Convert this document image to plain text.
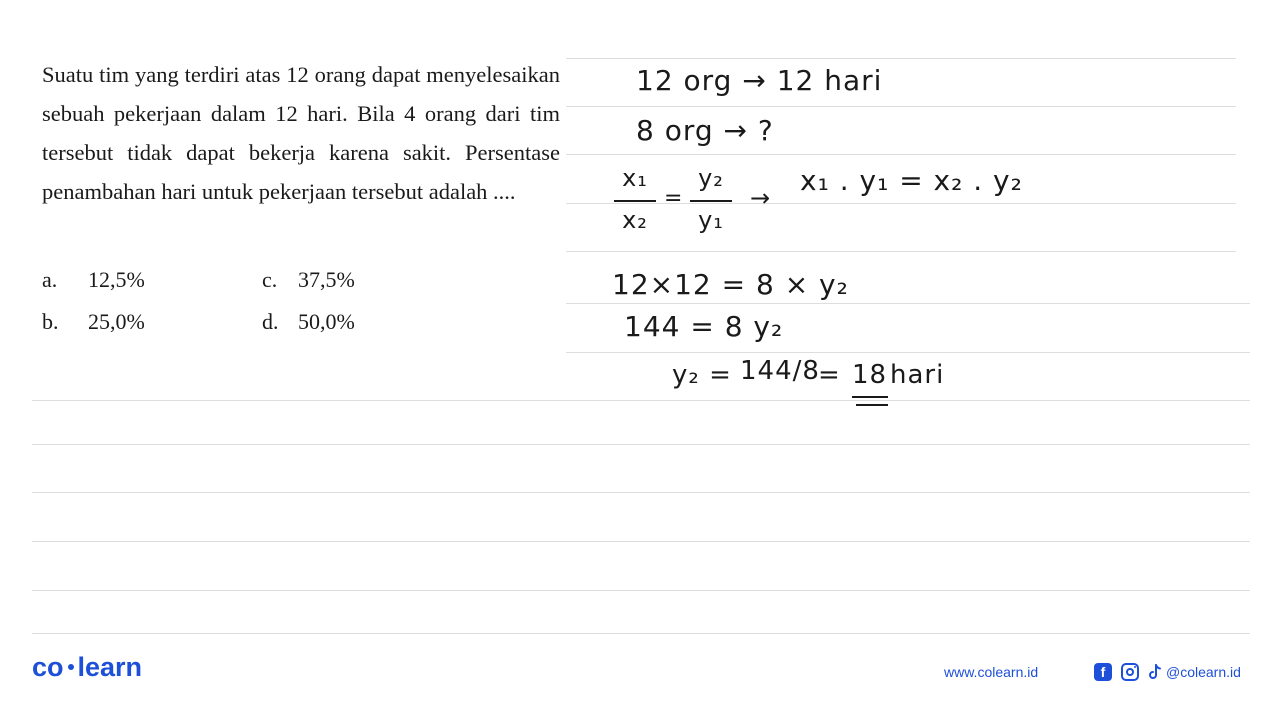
Suatu tim yang terdiri atas 12 orang dapat menyelesaikan sebuah pekerjaan dalam 12 hari. Bila 4 orang dari tim tersebut tidak dapat bekerja karena sakit. Persentase penambahan hari untuk pekerjaan tersebut adalah ....

a. 12,5%
b. 25,0%
c. 37,5%
d. 50,0%
12 org → 12 hari
8 org → ?
x₁
x₂
=
y₂
y₁
→
x₁ . y₁ = x₂ . y₂
12×12 = 8 × y₂
144 = 8 y₂
y₂ = 144/8
= 18 hari
co learn	www.colearn.id	f	@colearn.id
